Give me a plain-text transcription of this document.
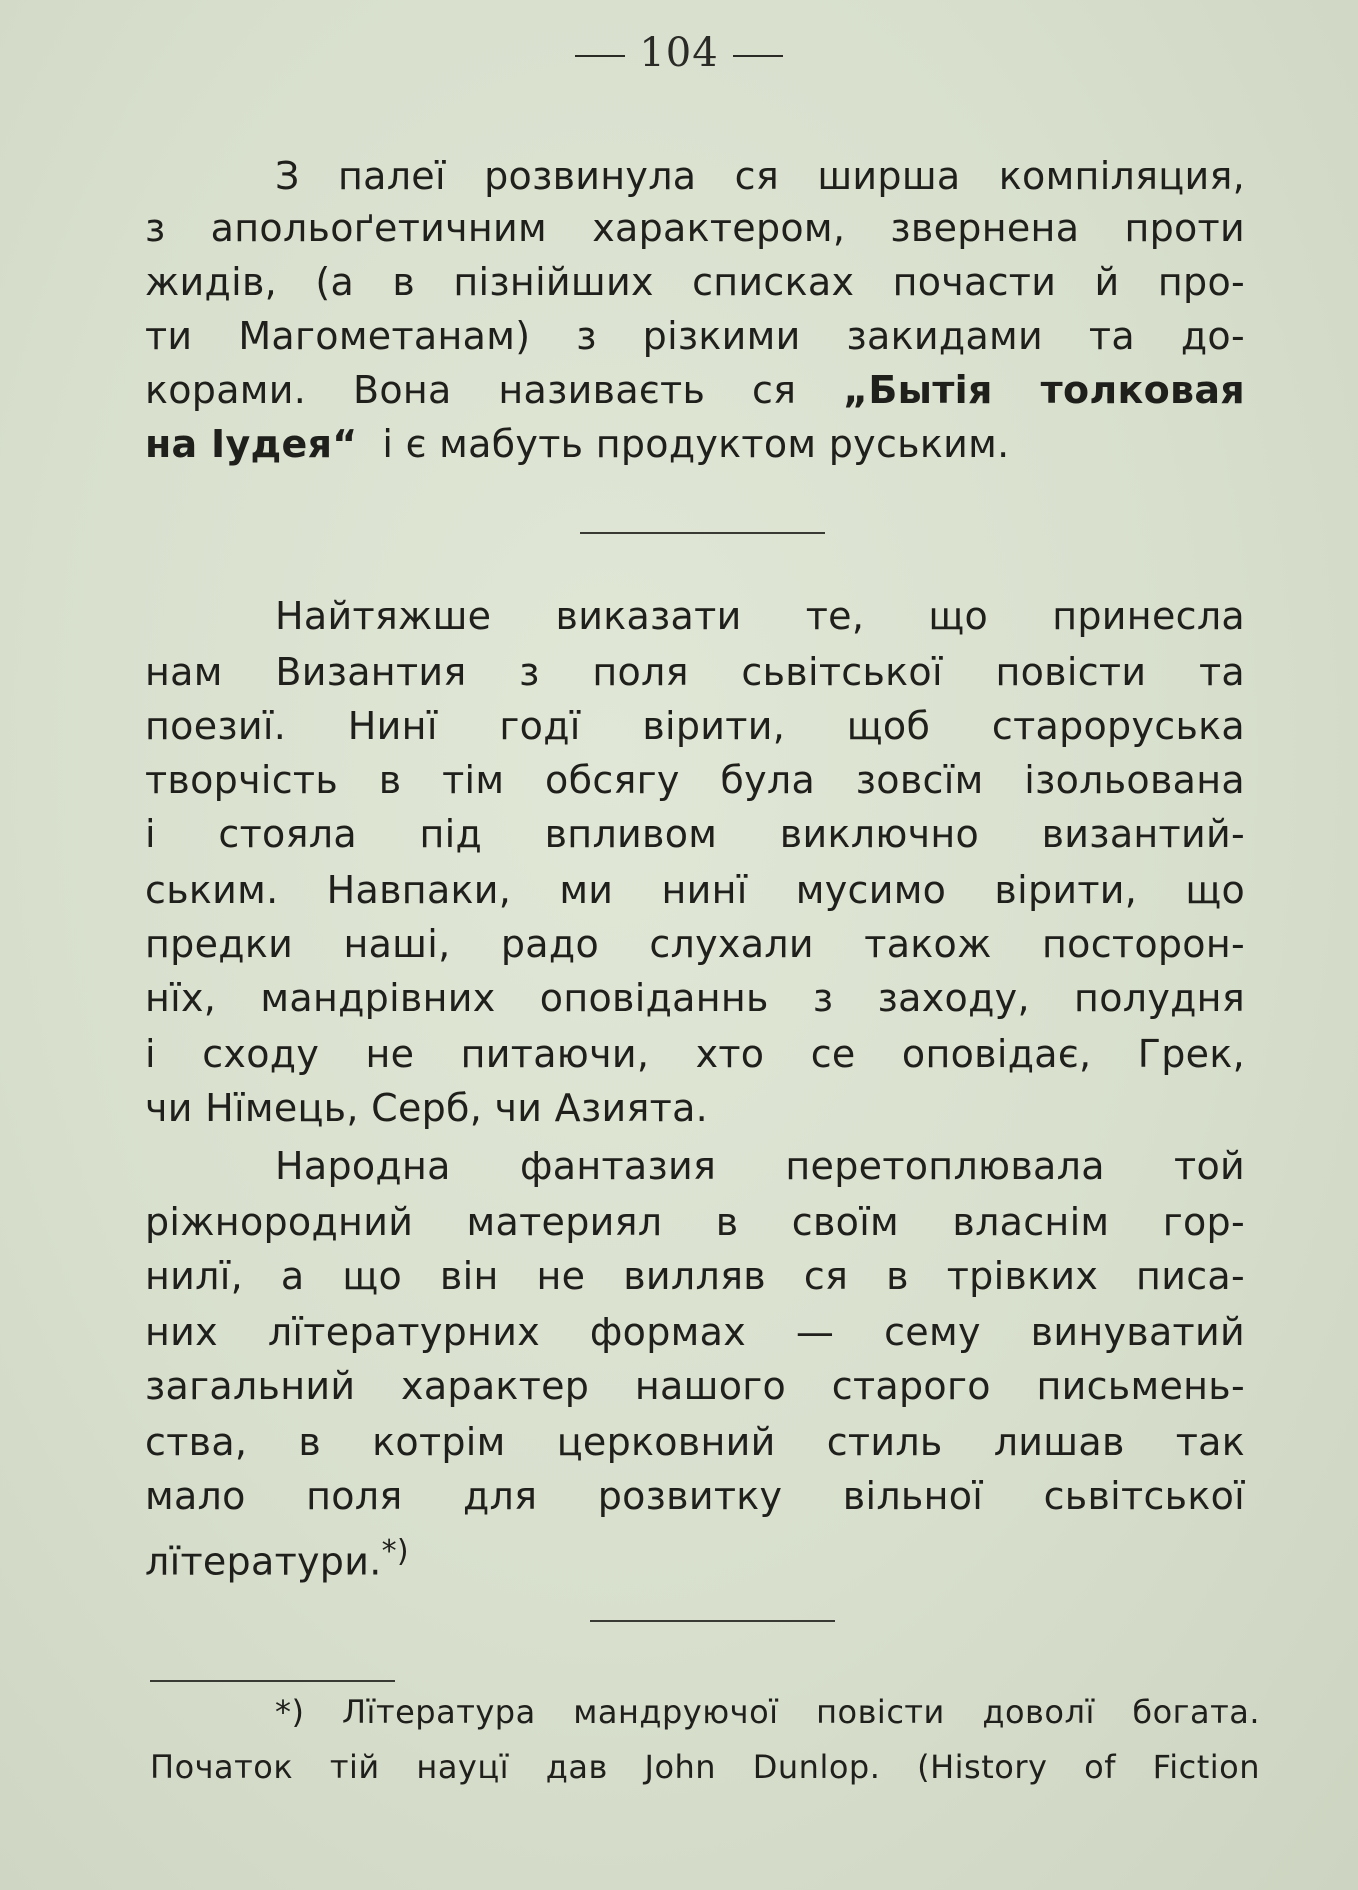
104
З палеї розвинула ся ширша компіляция,
з апольоґетичним характером, звернена проти
жидів, (а в пізнійших списках почасти й про-
ти Магометанам) з різкими закидами та до-
корами. Вона називаєть ся „Бытія толковая
на Іудея“ і є мабуть продуктом руським.
Найтяжше виказати те, що принесла
нам Византия з поля сьвітської повісти та
поезиї. Нинї годї вірити, щоб староруська
творчість в тім обсягу була зовсїм ізольована
і стояла під впливом виключно византий-
ським. Навпаки, ми нинї мусимо вірити, що
предки наші, радо слухали також посторон-
нїх, мандрівних оповіданнь з заходу, полудня
і сходу не питаючи, хто се оповідає, Грек,
чи Нїмець, Серб, чи Азията.
Народна фантазия перетоплювала той
ріжнородний материял в своїм власнім гор-
нилї, а що він не вилляв ся в трівких писа-
них лїтературних формах — сему винуватий
загальний характер нашого старого письмень-
ства, в котрім церковний стиль лишав так
мало поля для розвитку вільної сьвітської
лїтератури.*)
*) Лїтература мандруючої повісти доволї богата.
Початок тій науцї дав John Dunlop. (History of Fiction
